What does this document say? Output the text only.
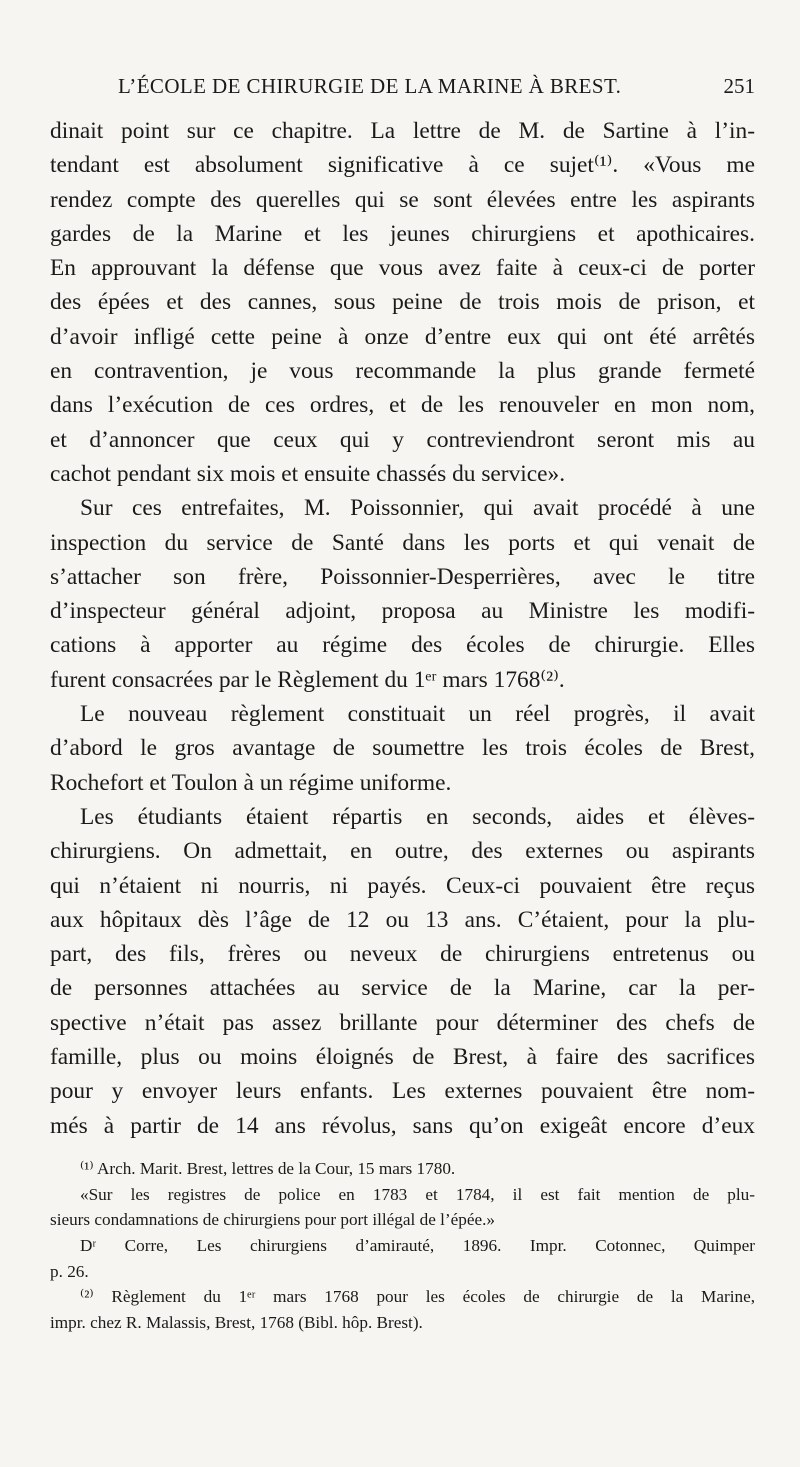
L’ÉCOLE DE CHIRURGIE DE LA MARINE À BREST.	251
dinait point sur ce chapitre. La lettre de M. de Sartine à l’in-
tendant est absolument significative à ce sujet⁽¹⁾. «Vous me
rendez compte des querelles qui se sont élevées entre les aspirants
gardes de la Marine et les jeunes chirurgiens et apothicaires.
En approuvant la défense que vous avez faite à ceux-ci de porter
des épées et des cannes, sous peine de trois mois de prison, et
d’avoir infligé cette peine à onze d’entre eux qui ont été arrêtés
en contravention, je vous recommande la plus grande fermeté
dans l’exécution de ces ordres, et de les renouveler en mon nom,
et d’annoncer que ceux qui y contreviendront seront mis au
cachot pendant six mois et ensuite chassés du service».
Sur ces entrefaites, M. Poissonnier, qui avait procédé à une
inspection du service de Santé dans les ports et qui venait de
s’attacher son frère, Poissonnier-Desperrières, avec le titre
d’inspecteur général adjoint, proposa au Ministre les modifi-
cations à apporter au régime des écoles de chirurgie. Elles
furent consacrées par le Règlement du 1ᵉʳ mars 1768⁽²⁾.
Le nouveau règlement constituait un réel progrès, il avait
d’abord le gros avantage de soumettre les trois écoles de Brest,
Rochefort et Toulon à un régime uniforme.
Les étudiants étaient répartis en seconds, aides et élèves-
chirurgiens. On admettait, en outre, des externes ou aspirants
qui n’étaient ni nourris, ni payés. Ceux-ci pouvaient être reçus
aux hôpitaux dès l’âge de 12 ou 13 ans. C’étaient, pour la plu-
part, des fils, frères ou neveux de chirurgiens entretenus ou
de personnes attachées au service de la Marine, car la per-
spective n’était pas assez brillante pour déterminer des chefs de
famille, plus ou moins éloignés de Brest, à faire des sacrifices
pour y envoyer leurs enfants. Les externes pouvaient être nom-
més à partir de 14 ans révolus, sans qu’on exigeât encore d’eux
⁽¹⁾ Arch. Marit. Brest, lettres de la Cour, 15 mars 1780.
«Sur les registres de police en 1783 et 1784, il est fait mention de plu-
sieurs condamnations de chirurgiens pour port illégal de l’épée.»
Dʳ Corre, Les chirurgiens d’amirauté, 1896. Impr. Cotonnec, Quimper
p. 26.
⁽²⁾ Règlement du 1ᵉʳ mars 1768 pour les écoles de chirurgie de la Marine,
impr. chez R. Malassis, Brest, 1768 (Bibl. hôp. Brest).
